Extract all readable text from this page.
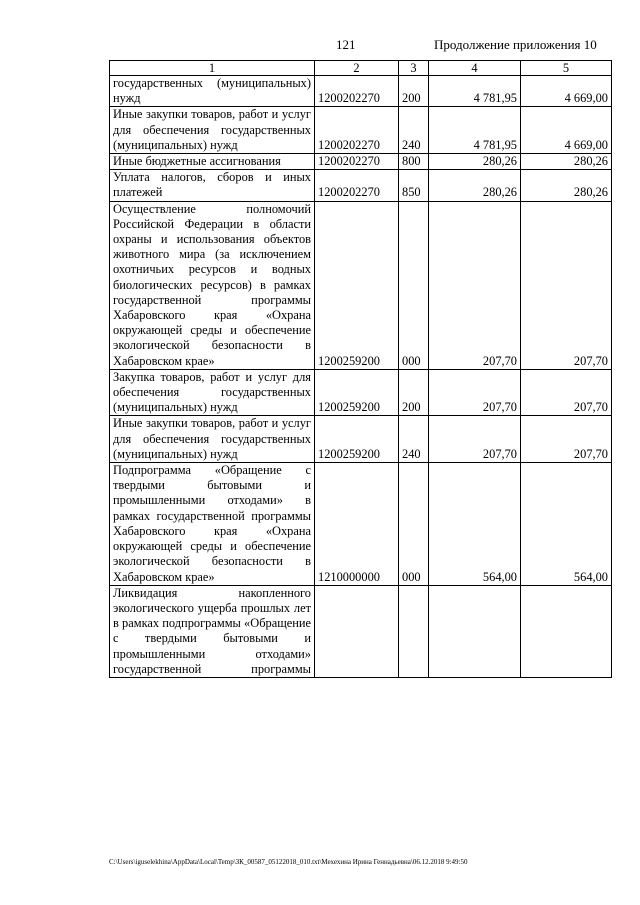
121	Продолжение приложения 10
1	2	3	4	5
государственных (муниципальных) нужд	1200202270	200	4 781,95	4 669,00
Иные закупки товаров, работ и услуг для обеспечения государственных (муниципальных) нужд	1200202270	240	4 781,95	4 669,00
Иные бюджетные ассигнования	1200202270	800	280,26	280,26
Уплата налогов, сборов и иных платежей	1200202270	850	280,26	280,26
Осуществление полномочий Российской Федерации в области охраны и использования объектов животного мира (за исключением охотничьих ресурсов и водных биологических ресурсов) в рамках государственной программы Хабаровского края «Охрана окружающей среды и обеспечение экологической безопасности в Хабаровском крае»	1200259200	000	207,70	207,70
Закупка товаров, работ и услуг для обеспечения государственных (муниципальных) нужд	1200259200	200	207,70	207,70
Иные закупки товаров, работ и услуг для обеспечения государственных (муниципальных) нужд	1200259200	240	207,70	207,70
Подпрограмма «Обращение с твердыми бытовыми и промышленными отходами» в рамках государственной программы Хабаровского края «Охрана окружающей среды и обеспечение экологической безопасности в Хабаровском крае»	1210000000	000	564,00	564,00
Ликвидация накопленного экологического ущерба прошлых лет в рамках подпрограммы «Обращение с твердыми бытовыми и промышленными отходами» государственной программы				
C:\Users\iguselekhina\AppData\Local\Temp\ЗК_00587_05122018_010.txt\Мехехина Ирина Геннадьевна\06.12.2018 9:49:50
